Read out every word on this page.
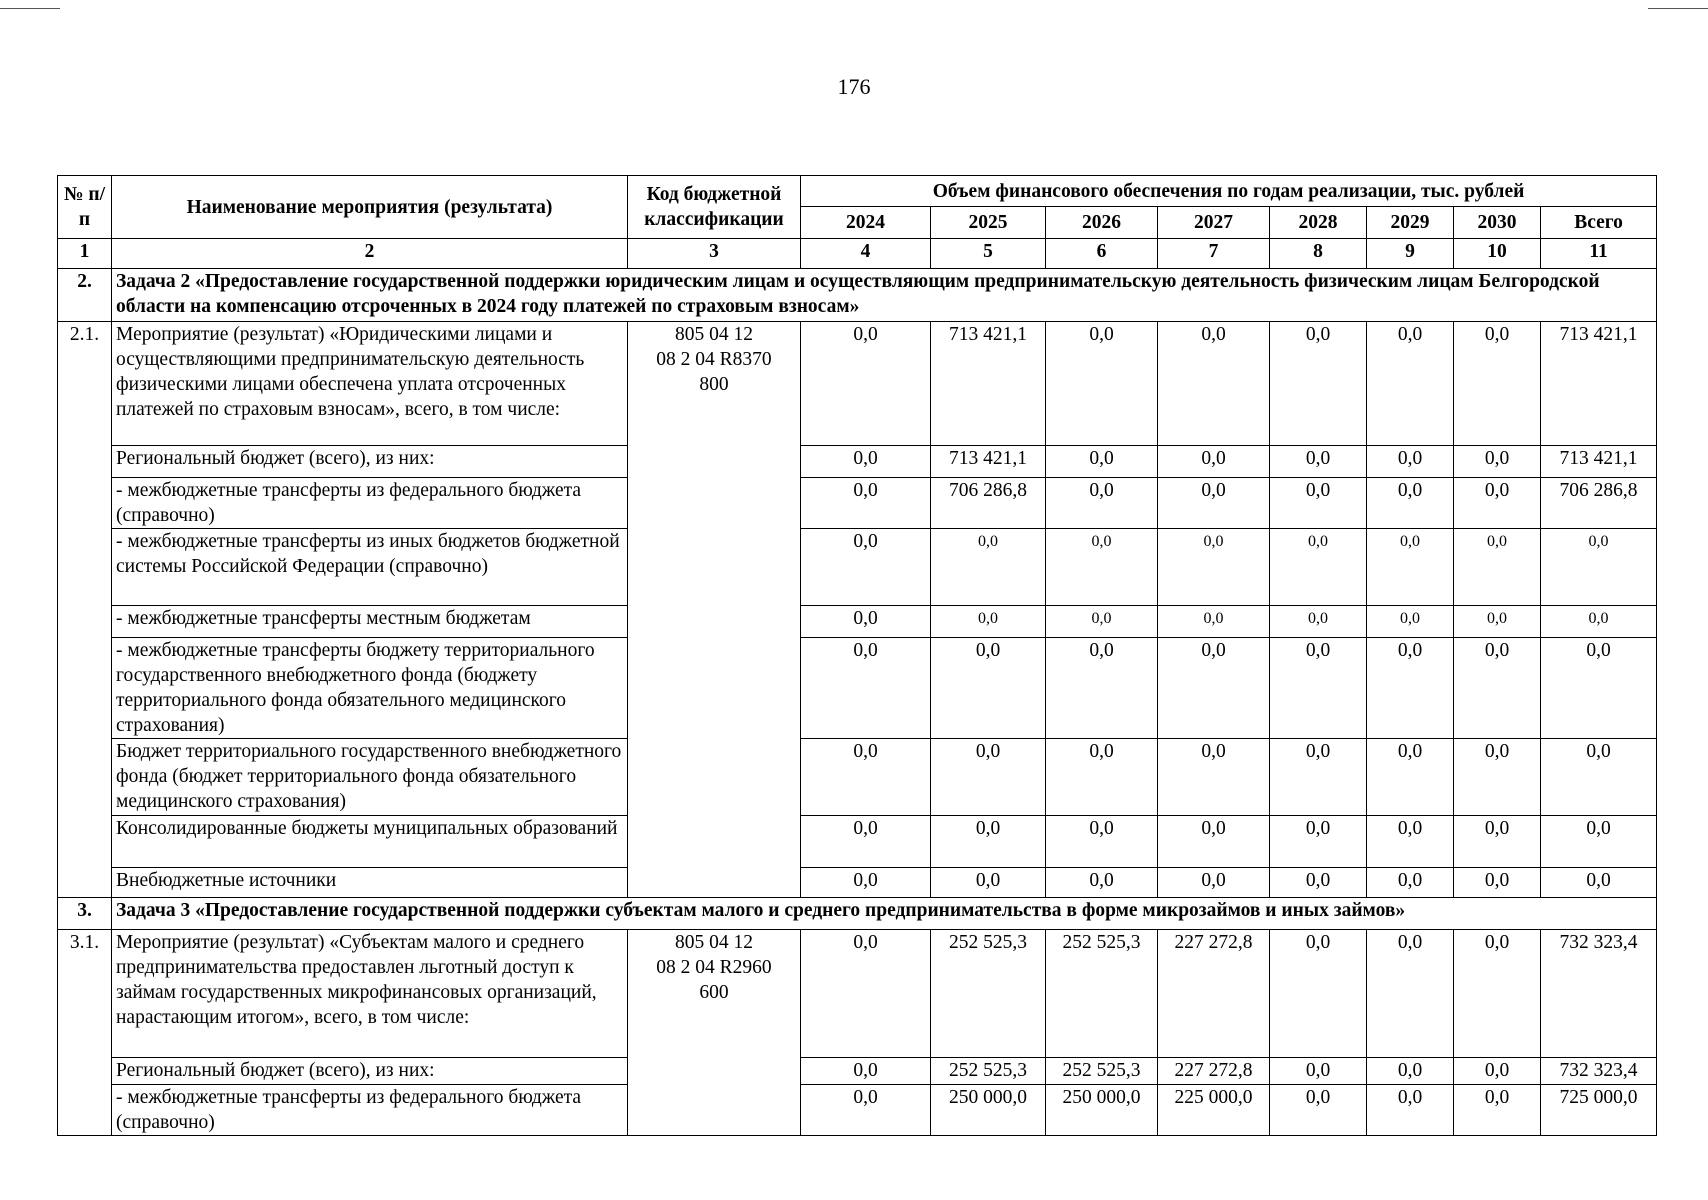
176
№ п/п	Наименование мероприятия (результата)	Код бюджетной классификации	Объем финансового обеспечения по годам реализации, тыс. рублей							
			2024	2025	2026	2027	2028	2029	2030	Всего
1	2	3	4	5	6	7	8	9	10	11
2.	Задача 2 «Предоставление государственной поддержки юридическим лицам и осуществляющим предпринимательскую деятельность физическим лицам Белгородской области на компенсацию отсроченных в 2024 году платежей по страховым взносам»									
2.1.	Мероприятие (результат) «Юридическими лицами и осуществляющими предпринимательскую деятельность физическими лицами обеспечена уплата отсроченных платежей по страховым взносам», всего, в том числе:	805 04 12
08 2 04 R8370
800	0,0	713 421,1	0,0	0,0	0,0	0,0	0,0	713 421,1
	Региональный бюджет (всего), из них:		0,0	713 421,1	0,0	0,0	0,0	0,0	0,0	713 421,1
	- межбюджетные трансферты из федерального бюджета (справочно)		0,0	706 286,8	0,0	0,0	0,0	0,0	0,0	706 286,8
	- межбюджетные трансферты из иных бюджетов бюджетной системы Российской Федерации (справочно)		0,0	0,0	0,0	0,0	0,0	0,0	0,0	0,0
	- межбюджетные трансферты местным бюджетам		0,0	0,0	0,0	0,0	0,0	0,0	0,0	0,0
	- межбюджетные трансферты бюджету территориального государственного внебюджетного фонда (бюджету территориального фонда обязательного медицинского страхования)		0,0	0,0	0,0	0,0	0,0	0,0	0,0	0,0
	Бюджет территориального государственного внебюджетного фонда (бюджет территориального фонда обязательного медицинского страхования)		0,0	0,0	0,0	0,0	0,0	0,0	0,0	0,0
	Консолидированные бюджеты муниципальных образований		0,0	0,0	0,0	0,0	0,0	0,0	0,0	0,0
	Внебюджетные источники		0,0	0,0	0,0	0,0	0,0	0,0	0,0	0,0
3.	Задача 3 «Предоставление государственной поддержки субъектам малого и среднего предпринимательства в форме микрозаймов и иных займов»									
3.1.	Мероприятие (результат) «Субъектам малого и среднего предпринимательства предоставлен льготный доступ к займам государственных микрофинансовых организаций, нарастающим итогом», всего, в том числе:	805 04 12
08 2 04 R2960
600	0,0	252 525,3	252 525,3	227 272,8	0,0	0,0	0,0	732 323,4
	Региональный бюджет (всего), из них:		0,0	252 525,3	252 525,3	227 272,8	0,0	0,0	0,0	732 323,4
	- межбюджетные трансферты из федерального бюджета (справочно)		0,0	250 000,0	250 000,0	225 000,0	0,0	0,0	0,0	725 000,0
